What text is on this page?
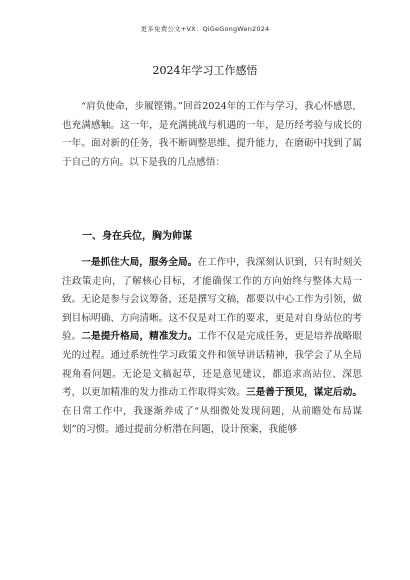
更多免费公文+VX：QiGeGongWen2024
2024年学习工作感悟
“肩负使命，步履铿锵。”回首2024年的工作与学习，我心怀感恩，也充满感触。这一年，是充满挑战与机遇的一年，是历经考验与成长的一年。面对新的任务，我不断调整思维、提升能力，在磨砺中找到了属于自己的方向。以下是我的几点感悟：
一、身在兵位，胸为帅谋
一是抓住大局，服务全局。在工作中，我深刻认识到，只有时刻关注政策走向，了解核心目标，才能确保工作的方向始终与整体大局一致。无论是参与会议筹备，还是撰写文稿，都要以中心工作为引领，做到目标明确、方向清晰。这不仅是对工作的要求，更是对自身站位的考验。二是提升格局，精准发力。工作不仅是完成任务，更是培养战略眼光的过程。通过系统性学习政策文件和领导讲话精神，我学会了从全局视角看问题。无论是文稿起草，还是意见建议，都追求高站位、深思考，以更加精准的发力推动工作取得实效。三是善于预见，谋定后动。在日常工作中，我逐渐养成了“从细微处发现问题，从前瞻处布局谋划”的习惯。通过提前分析潜在问题，设计预案，我能够
